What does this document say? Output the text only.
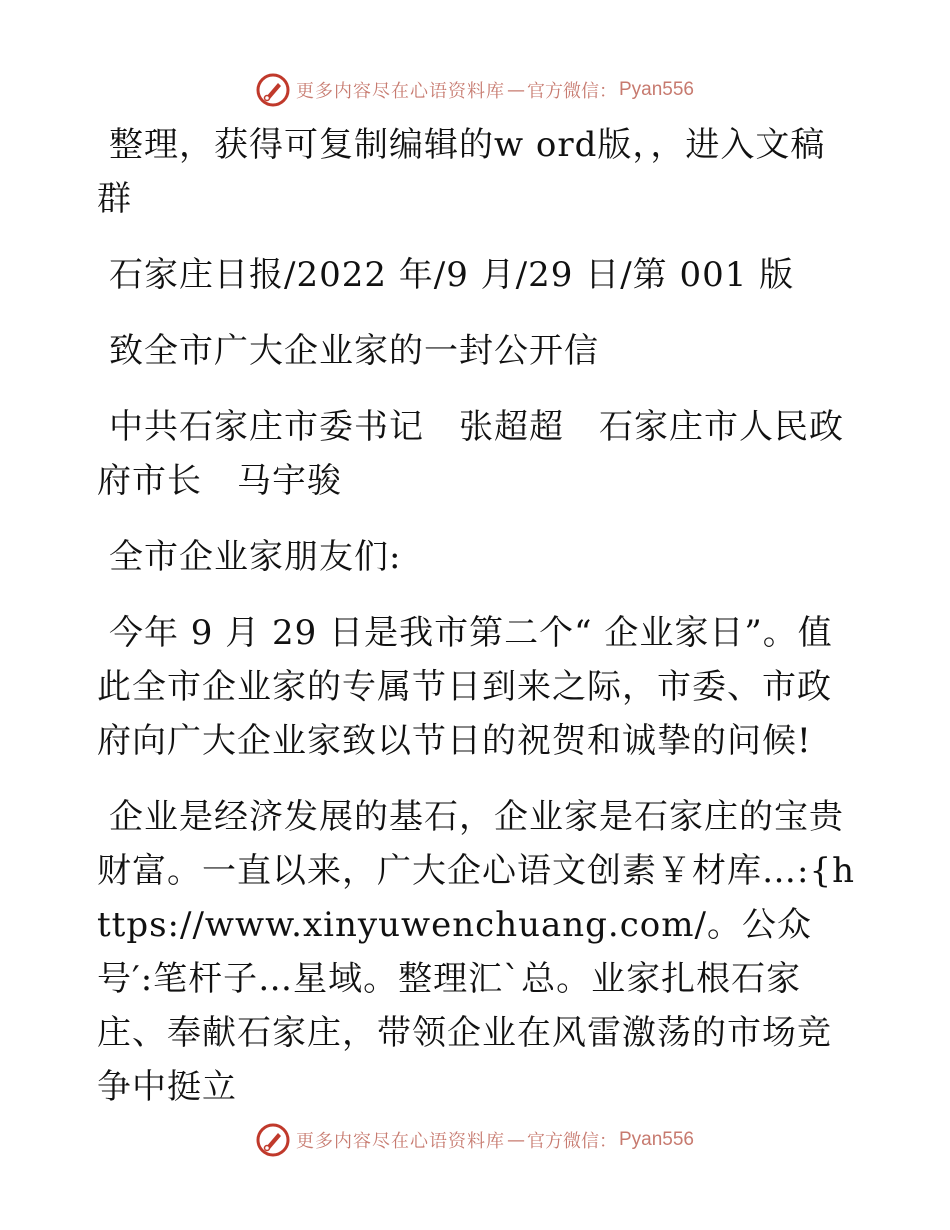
更多内容尽在心语资料库 — 官方微信： Pyan556

整理，获得可复制编辑的w ord版，，进入文稿群

石家庄日报/2022 年/9 月/29 日/第 001 版

致全市广大企业家的一封公开信

中共石家庄市委书记　张超超　石家庄市人民政府市长　马宇骏

全市企业家朋友们:

今年 9 月 29 日是我市第二个“ 企业家日”。值此全市企业家的专属节日到来之际，市委、市政府向广大企业家致以节日的祝贺和诚挚的问候!

企业是经济发展的基石，企业家是石家庄的宝贵财富。一直以来，广大企心语文创素￥材库…:{https://www.xinyuwenchuang.com/。公众号′:笔杆子…星域。整理汇`总。业家扎根石家庄、奉献石家庄，带领企业在风雷激荡的市场竞争中挺立

更多内容尽在心语资料库 — 官方微信： Pyan556
